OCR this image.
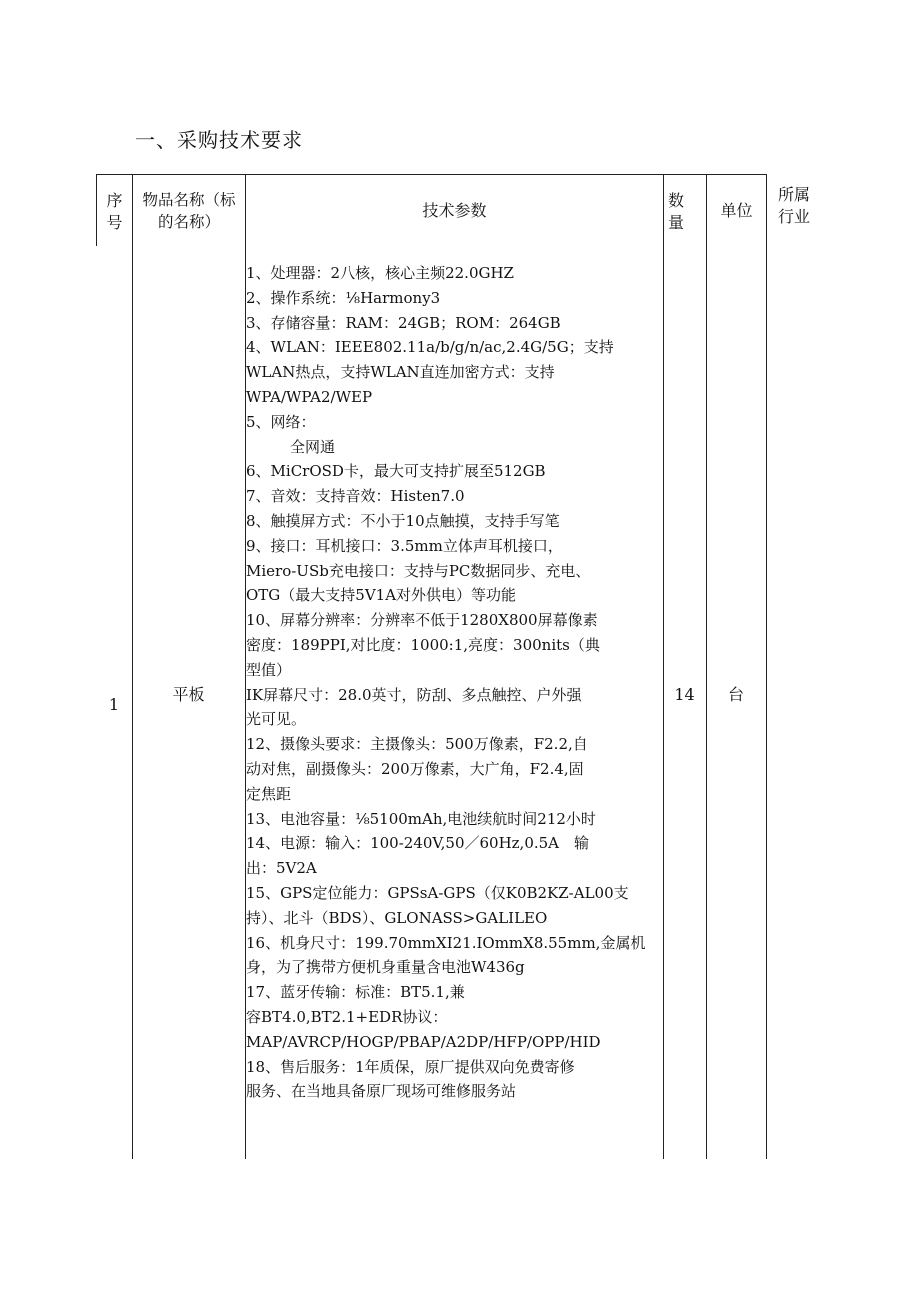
一、采购技术要求
序
号
物品名称（标
的名称）
技术参数
数
量
单位
所属
行业
1
平板	14	台
1、处理器：2八核，核心主频22.0GHZ
2、操作系统：⅛Harmony3
3、存储容量：RAM：24GB；ROM：264GB
4、WLAN：IEEE802.11a/b/g/n/ac,2.4G/5G；支持
WLAN热点，支持WLAN直连加密方式：支持
WPA/WPA2/WEP
5、网络：
全网通
6、MiCrOSD卡，最大可支持扩展至512GB
7、音效：支持音效：Histen7.0
8、触摸屏方式：不小于10点触摸，支持手写笔
9、接口：耳机接口：3.5mm立体声耳机接口，
Miero-USb充电接口：支持与PC数据同步、充电、
OTG（最大支持5V1A对外供电）等功能
10、屏幕分辨率：分辨率不低于1280X800屏幕像素
密度：189PPI,对比度：1000:1,亮度：300nits（典
型值）
IK屏幕尺寸：28.0英寸，防刮、多点触控、户外强
光可见。
12、摄像头要求：主摄像头：500万像素，F2.2,自
动对焦，副摄像头：200万像素，大广角，F2.4,固
定焦距
13、电池容量：⅛5100mAh,电池续航时间212小时
14、电源：输入：100-240V,50／60Hz,0.5A　输
出：5V2A
15、GPS定位能力：GPSsA-GPS（仅K0B2KZ-AL00支
持）、北斗（BDS）、GLONASS>GALILEO
16、机身尺寸：199.70mmXI21.IOmmX8.55mm,金属机
身，为了携带方便机身重量含电池W436g
17、蓝牙传输：标准：BT5.1,兼
容BT4.0,BT2.1+EDR协议：
MAP/AVRCP/HOGP/PBAP/A2DP/HFP/OPP/HID
18、售后服务：1年质保，原厂提供双向免费寄修
服务、在当地具备原厂现场可维修服务站
